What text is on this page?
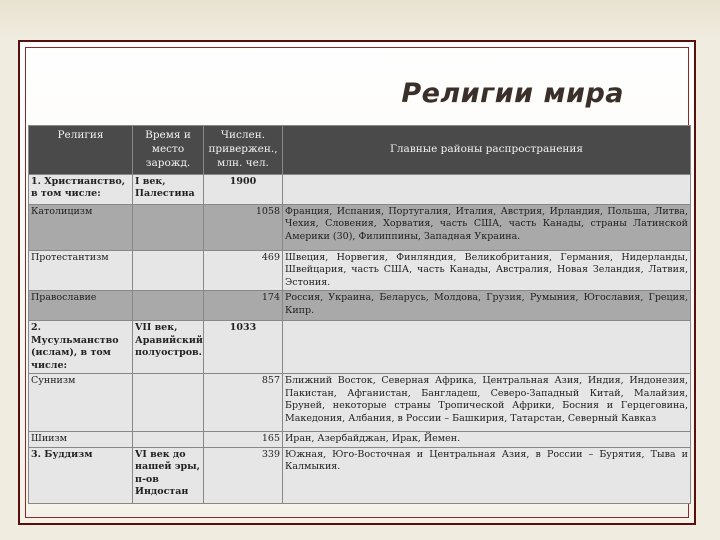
Религии мира
Религия	Время и место зарожд.	Числен. привержен., млн. чел.	Главные районы распространения
1. Христианство, в том числе:	I век, Палестина	1900	
Католицизм		1058	Франция, Испания, Португалия, Италия, Австрия, Ирландия, Польша, Литва, Чехия, Словения, Хорватия, часть США, часть Канады, страны Латинской Америки (30), Филиппины, Западная Украина.
Протестантизм		469	Швеция, Норвегия, Финляндия, Великобритания, Германия, Нидерланды, Швейцария, часть США, часть Канады, Австралия, Новая Зеландия, Латвия, Эстония.
Православие		174	Россия, Украина, Беларусь, Молдова, Грузия, Румыния, Югославия, Греция, Кипр.
2. Мусульманство (ислам), в том числе:	VII век, Аравийский полуостров.	1033	
Суннизм		857	Ближний Восток, Северная Африка, Центральная Азия, Индия, Индонезия, Пакистан, Афганистан, Бангладеш, Северо-Западный Китай, Малайзия, Бруней, некоторые страны Тропической Африки, Босния и Герцеговина, Македония, Албания, в России – Башкирия, Татарстан, Северный Кавказ
Шиизм		165	Иран, Азербайджан, Ирак, Йемен.
3. Буддизм	VI век до нашей эры, п-ов Индостан	339	Южная, Юго-Восточная и Центральная Азия, в России – Бурятия, Тыва и Калмыкия.
